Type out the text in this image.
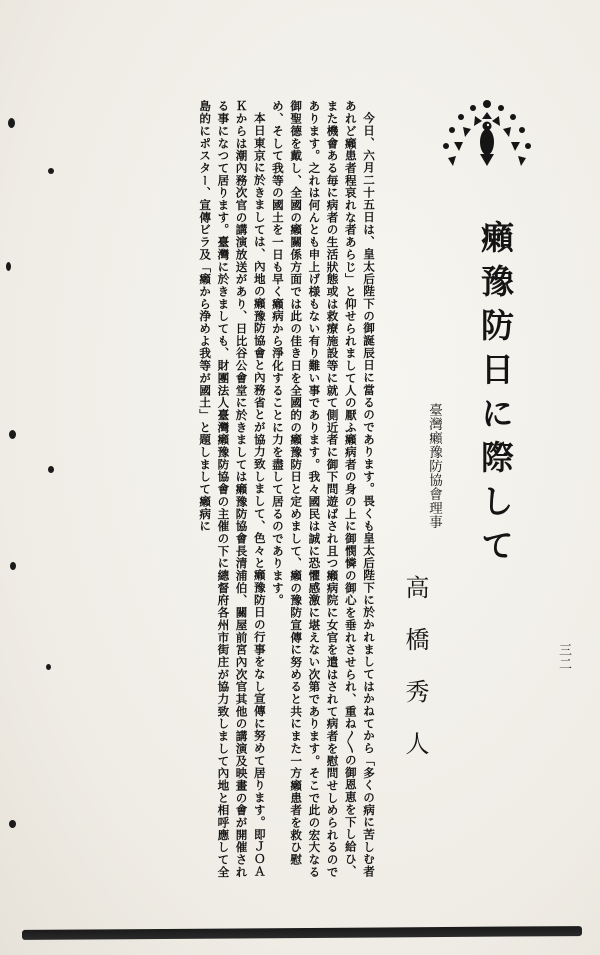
癩豫防日に際して
臺灣癩豫防協會理事
高橋秀人	三二

今日、六月二十五日は、皇太后陛下の御誕辰日に當るのであります。畏くも皇太后陛下に於かれましてはかねてから「多くの病に苦しむ者あれど癩患者程哀れな者あらじ」と仰せられまして人の厭ふ癩病者の身の上に御憫憐の御心を垂れさせられ、重ね〳〵の御恩恵を下し給ひ、また機會ある毎に病者の生活狀態或は救療施設等に就て側近者に御下問遊ばされ且つ癩病院に女官を遣はされて病者を慰問せしめられるのであります。之れは何んとも申上げ様もない有り難い事であります。我々國民は誠に恐懼感激に堪えない次第であります。そこで此の宏大なる御聖德を戴し、全國の癩關係方面では此の佳き日を全國的の癩豫防日と定めまして、癩の豫防宣傳に努めると共にまた一方癩患者を救ひ慰め、そして我等の國土を一日も早く癩病から淨化することに力を盡して居るのであります。

本日東京に於きましては、內地の癩豫防協會と內務省とが協力致しまして、色々と癩豫防日の行事をなし宣傳に努めて居ります。即ＪＯＡＫからは潮內務次官の講演放送があり、日比谷公會堂に於きましては癩豫防協會長清浦伯、關屋前宮內次官其他の講演及映畫の會が開催される事になつて居ります。臺灣に於きましても、財團法人臺灣癩豫防協會の主催の下に總督府各州市街庄が協力致しまして內地と相呼應して全島的にポスター、宣傳ビラ及「癩から浄めよ我等が國土」と題しまして癩病に
